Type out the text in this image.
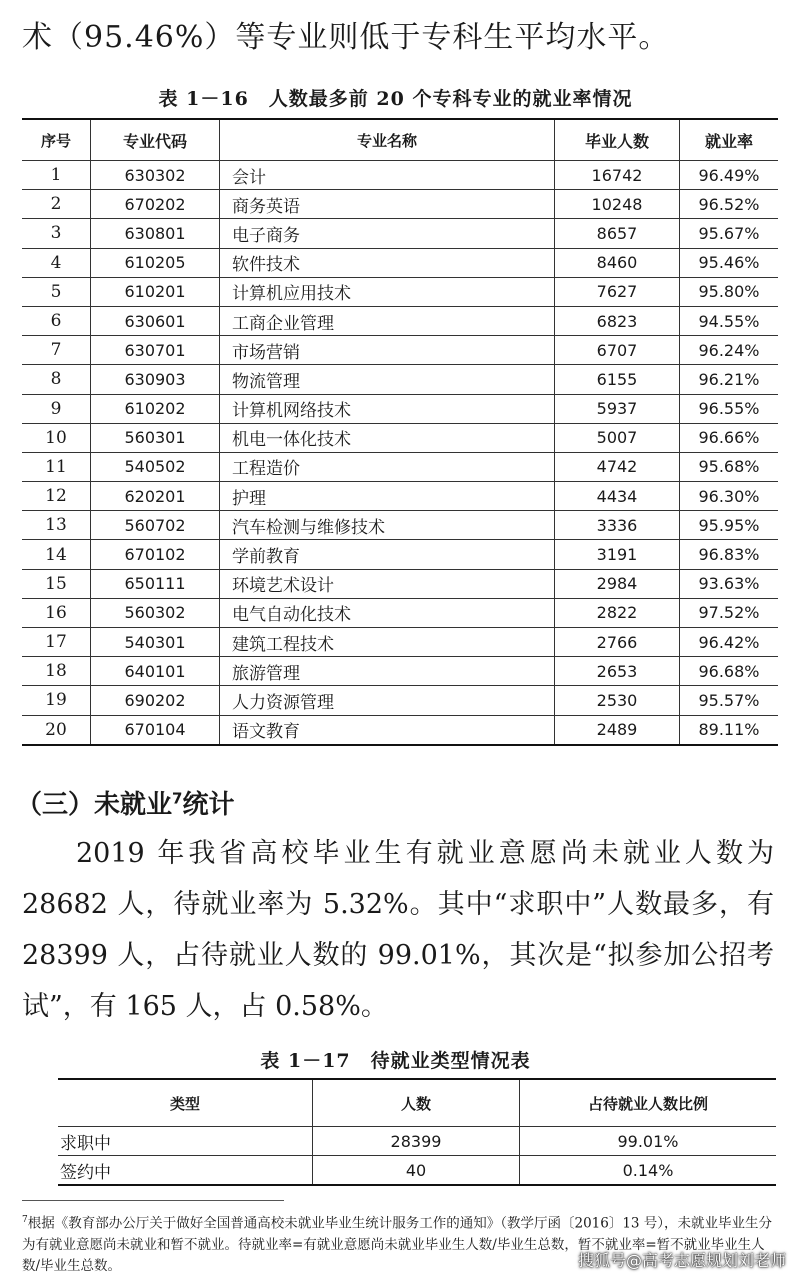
术（95.46%）等专业则低于专科生平均水平。
表 1－16　人数最多前 20 个专科专业的就业率情况
序号	专业代码	专业名称	毕业人数	就业率
1	630302	会计	16742	96.49%
2	670202	商务英语	10248	96.52%
3	630801	电子商务	8657	95.67%
4	610205	软件技术	8460	95.46%
5	610201	计算机应用技术	7627	95.80%
6	630601	工商企业管理	6823	94.55%
7	630701	市场营销	6707	96.24%
8	630903	物流管理	6155	96.21%
9	610202	计算机网络技术	5937	96.55%
10	560301	机电一体化技术	5007	96.66%
11	540502	工程造价	4742	95.68%
12	620201	护理	4434	96.30%
13	560702	汽车检测与维修技术	3336	95.95%
14	670102	学前教育	3191	96.83%
15	650111	环境艺术设计	2984	93.63%
16	560302	电气自动化技术	2822	97.52%
17	540301	建筑工程技术	2766	96.42%
18	640101	旅游管理	2653	96.68%
19	690202	人力资源管理	2530	95.57%
20	670104	语文教育	2489	89.11%
（三）未就业$^7$统计
2019 年我省高校毕业生有就业意愿尚未就业人数为 28682 人，待就业率为 5.32%。其中“求职中”人数最多，有 28399 人，占待就业人数的 99.01%，其次是“拟参加公招考试”，有 165 人，占 0.58%。
表 1－17　待就业类型情况表
类型	人数	占待就业人数比例
求职中	28399	99.01%
签约中	40	0.14%
$^7$根据《教育部办公厅关于做好全国普通高校未就业毕业生统计服务工作的通知》（教学厅函〔2016〕13 号），未就业毕业生分为有就业意愿尚未就业和暂不就业。待就业率=有就业意愿尚未就业毕业生人数/毕业生总数，暂不就业率=暂不就业毕业生人数/毕业生总数。	搜狐号@高考志愿规划刘老师
